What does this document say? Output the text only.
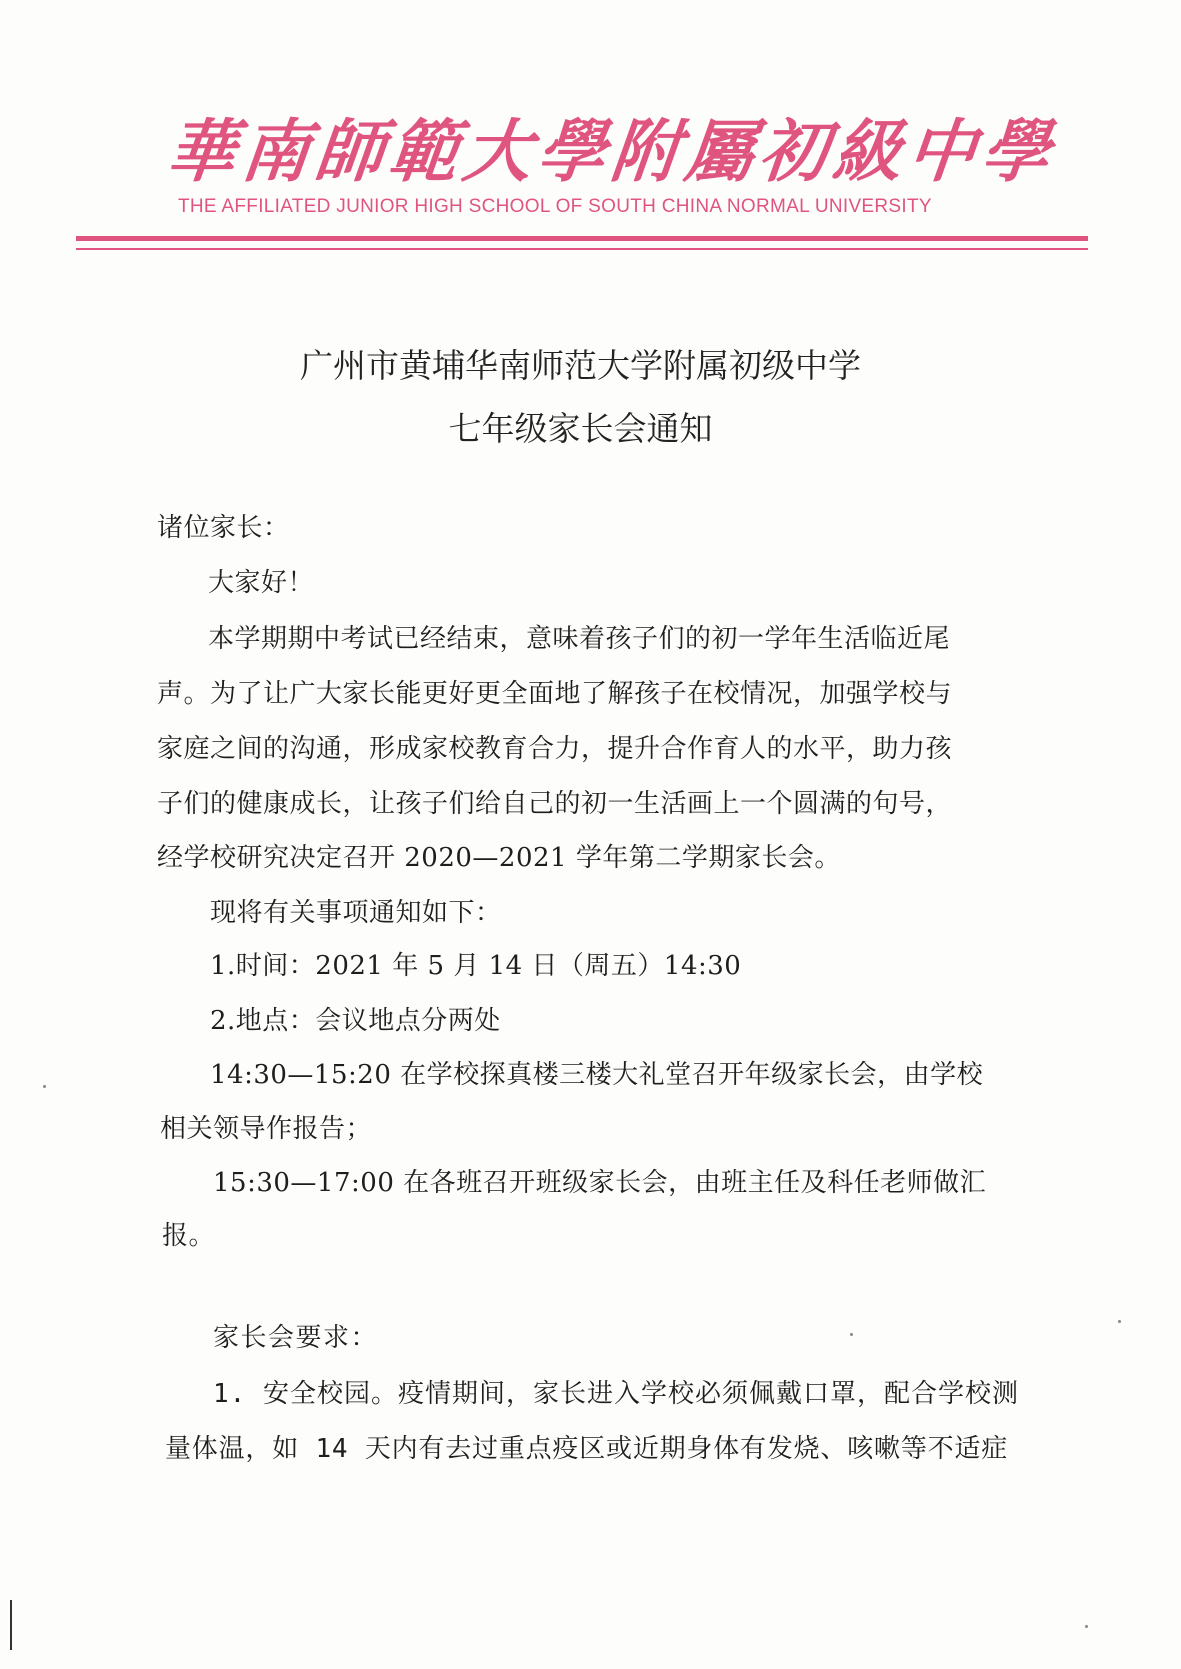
華南師範大學附屬初級中學
THE AFFILIATED JUNIOR HIGH SCHOOL OF SOUTH CHINA NORMAL UNIVERSITY
广州市黄埔华南师范大学附属初级中学
七年级家长会通知
诸位家长：
大家好！
本学期期中考试已经结束，意味着孩子们的初一学年生活临近尾
声。为了让广大家长能更好更全面地了解孩子在校情况，加强学校与
家庭之间的沟通，形成家校教育合力，提升合作育人的水平，助力孩
子们的健康成长，让孩子们给自己的初一生活画上一个圆满的句号，
经学校研究决定召开 2020—2021 学年第二学期家长会。
现将有关事项通知如下：
1.时间：2021 年 5 月 14 日（周五）14:30
2.地点：会议地点分两处
14:30—15:20 在学校探真楼三楼大礼堂召开年级家长会，由学校
相关领导作报告；
15:30—17:00 在各班召开班级家长会，由班主任及科任老师做汇
报。
家长会要求：
1. 安全校园。疫情期间，家长进入学校必须佩戴口罩，配合学校测
量体温，如 14 天内有去过重点疫区或近期身体有发烧、咳嗽等不适症
